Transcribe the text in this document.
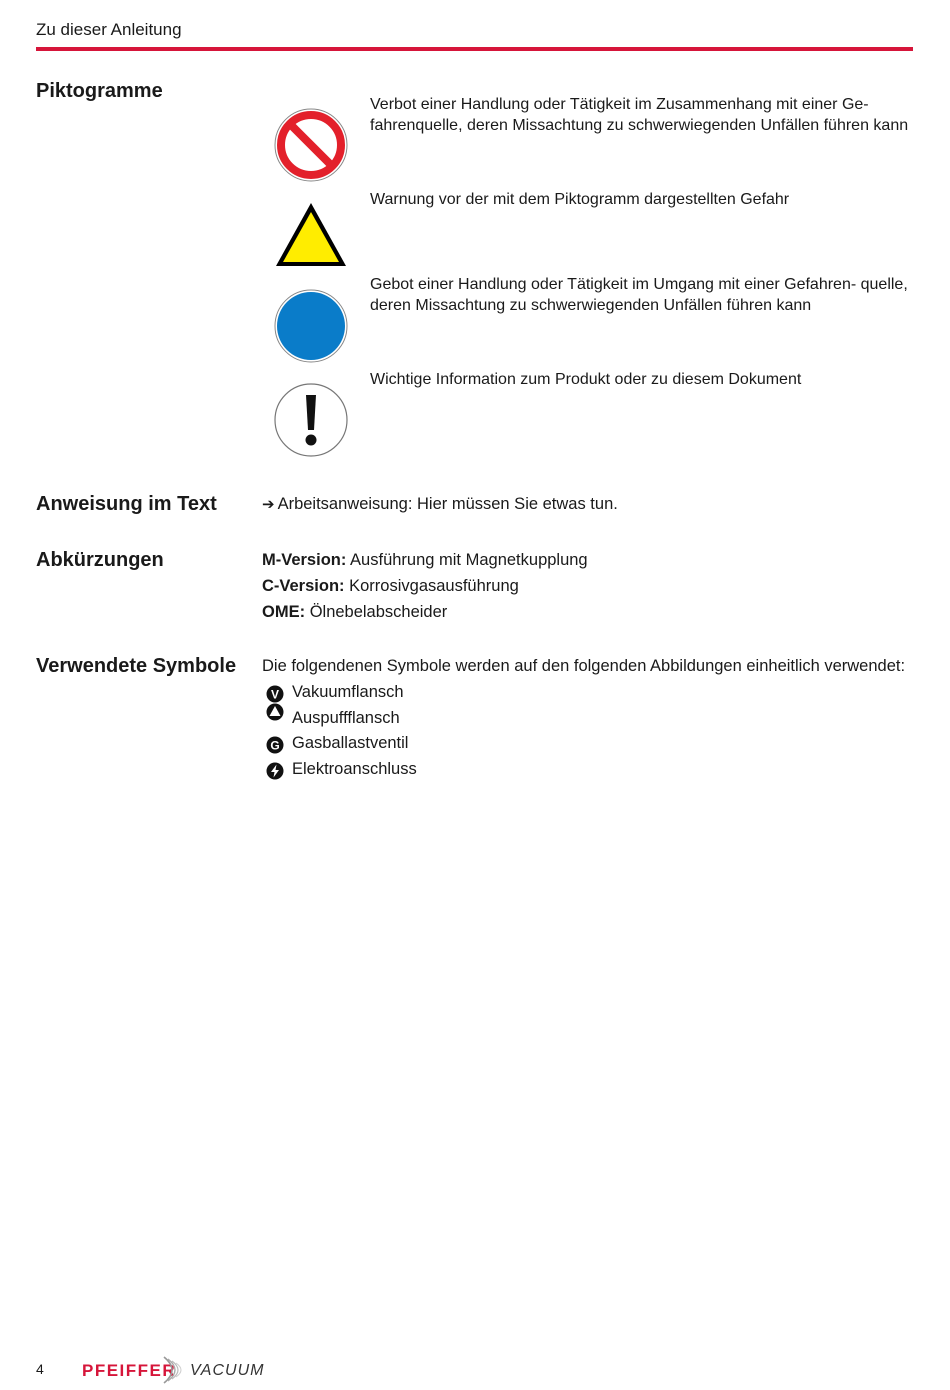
Zu dieser Anleitung
Piktogramme
Verbot einer Handlung oder Tätigkeit im Zusammenhang mit einer Ge- fahrenquelle, deren Missachtung zu schwerwiegenden Unfällen führen kann
Warnung vor der mit dem Piktogramm dargestellten Gefahr
Gebot einer Handlung oder Tätigkeit im Umgang mit einer Gefahren- quelle, deren Missachtung zu schwerwiegenden Unfällen führen kann
Wichtige Information zum Produkt oder zu diesem Dokument
Anweisung im Text	➔ Arbeitsanweisung: Hier müssen Sie etwas tun.
Abkürzungen	M-Version: Ausführung mit Magnetkupplung
C-Version: Korrosivgasausführung
OME: Ölnebelabscheider
Verwendete Symbole Die folgendenen Symbole werden auf den folgenden Abbildungen einheitlich verwendet:
V Vakuumflansch
Auspuffflansch
G Gasballastventil
Elektroanschluss
4 PFEIFFER VACUUM
